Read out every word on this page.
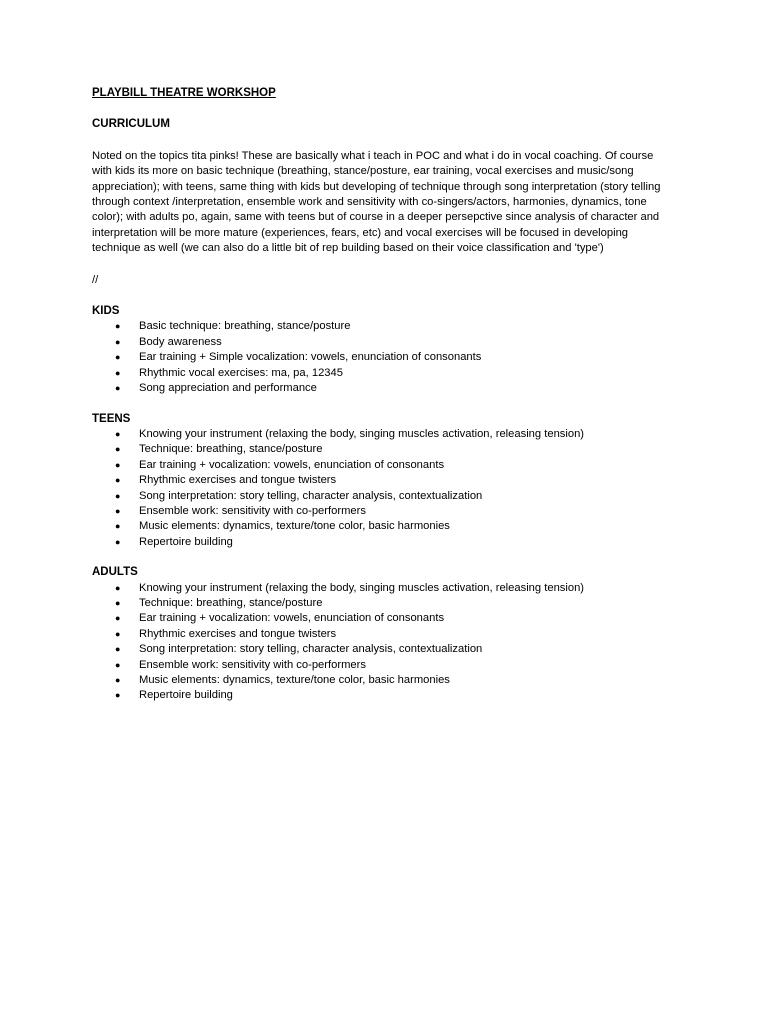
PLAYBILL THEATRE WORKSHOP
CURRICULUM

Noted on the topics tita pinks! These are basically what i teach in POC and what i do in vocal coaching. Of course with kids its more on basic technique (breathing, stance/posture, ear training, vocal exercises and music/song appreciation); with teens, same thing with kids but developing of technique through song interpretation (story telling through context /interpretation, ensemble work and sensitivity with co-singers/actors, harmonies, dynamics, tone color); with adults po, again, same with teens but of course in a deeper persepctive since analysis of character and interpretation will be more mature (experiences, fears, etc) and vocal exercises will be focused in developing technique as well (we can also do a little bit of rep building based on their voice classification and 'type')

//
KIDS
● Basic technique: breathing, stance/posture
● Body awareness
● Ear training + Simple vocalization: vowels, enunciation of consonants
● Rhythmic vocal exercises: ma, pa, 12345
● Song appreciation and performance
TEENS
● Knowing your instrument (relaxing the body, singing muscles activation, releasing tension)
● Technique: breathing, stance/posture
● Ear training + vocalization: vowels, enunciation of consonants
● Rhythmic exercises and tongue twisters
● Song interpretation: story telling, character analysis, contextualization
● Ensemble work: sensitivity with co-performers
● Music elements: dynamics, texture/tone color, basic harmonies
● Repertoire building
ADULTS
● Knowing your instrument (relaxing the body, singing muscles activation, releasing tension)
● Technique: breathing, stance/posture
● Ear training + vocalization: vowels, enunciation of consonants
● Rhythmic exercises and tongue twisters
● Song interpretation: story telling, character analysis, contextualization
● Ensemble work: sensitivity with co-performers
● Music elements: dynamics, texture/tone color, basic harmonies
● Repertoire building
